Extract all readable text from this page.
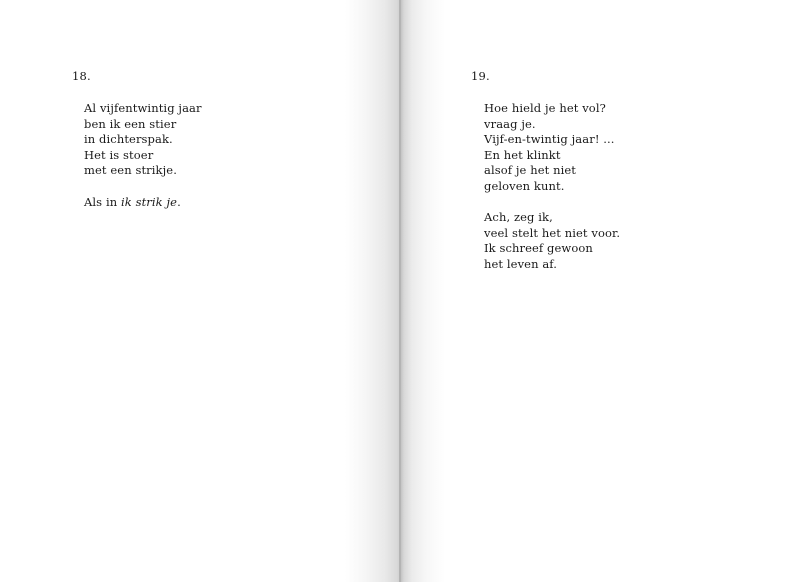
18.
Al vijfentwintig jaar
ben ik een stier
in dichterspak.
Het is stoer
met een strikje.
Als in ik strik je.
19.
Hoe hield je het vol?
vraag je.
Vijf-en-twintig jaar! ...
En het klinkt
alsof je het niet
geloven kunt.
Ach, zeg ik,
veel stelt het niet voor.
Ik schreef gewoon
het leven af.
